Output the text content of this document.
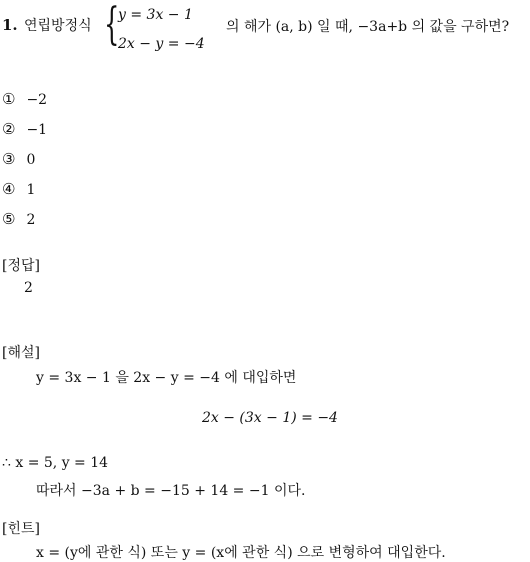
1. 연립방정식 {
y = 3x − 1
2x − y = −4
의 해가 (a, b) 일 때, −3a+b 의 값을 구하면?
① −2
② −1
③ 0
④ 1
⑤ 2
[정답]
2
[해설]
y = 3x − 1 을 2x − y = −4 에 대입하면
2x − (3x − 1) = −4
∴ x = 5, y = 14
따라서 −3a + b = −15 + 14 = −1 이다.
[힌트]
x = (y에 관한 식) 또는 y = (x에 관한 식) 으로 변형하여 대입한다.
